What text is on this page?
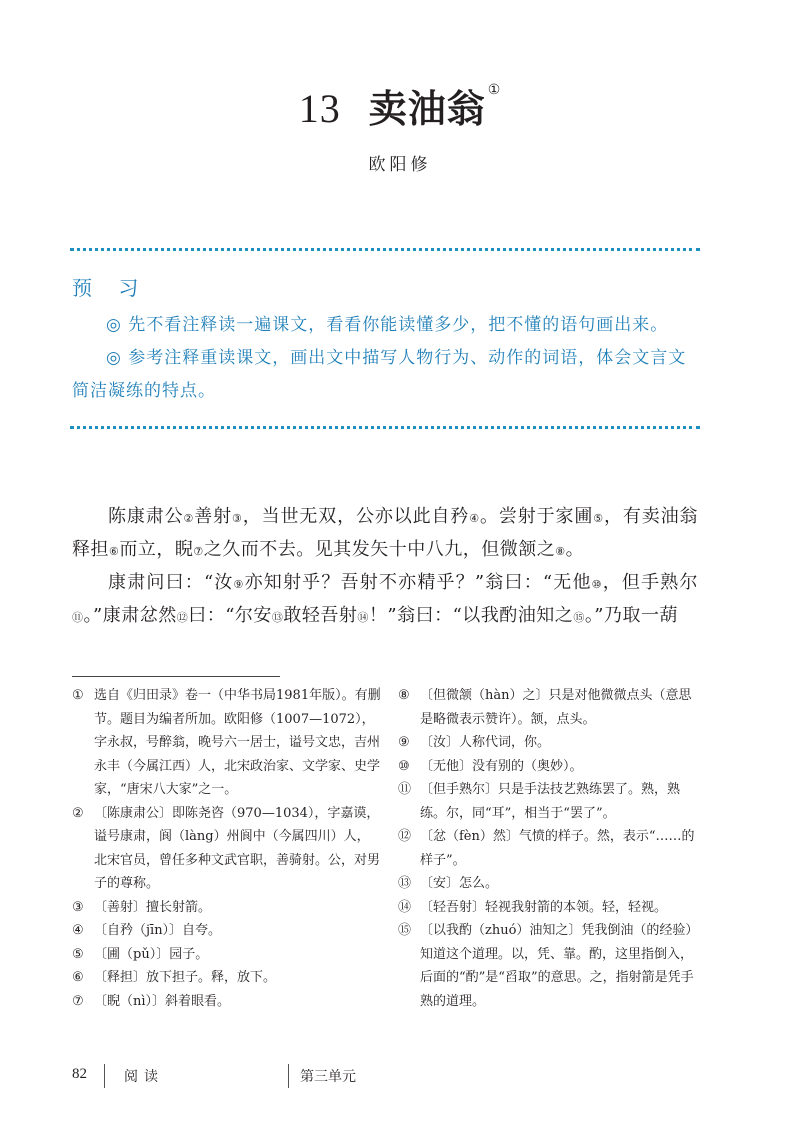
13 卖油翁 ①
欧阳修
预 习
◎ 先不看注释读一遍课文，看看你能读懂多少，把不懂的语句画出来。
◎ 参考注释重读课文，画出文中描写人物行为、动作的词语，体会文言文简洁凝练的特点。
陈康肃公②善射③，当世无双，公亦以此自矜④。尝射于家圃⑤，有卖油翁释担⑥而立，睨⑦之久而不去。见其发矢十中八九，但微颔之⑧。
康肃问曰：“汝⑨亦知射乎？吾射不亦精乎？”翁曰：“无他⑩，但手熟尔⑪。”康肃忿然⑫曰：“尔安⑬敢轻吾射⑭！”翁曰：“以我酌油知之⑮。”乃取一葫
① 选自《归田录》卷一（中华书局1981年版）。有删节。题目为编者所加。欧阳修（1007—1072），字永叔，号醉翁，晚号六一居士，谥号文忠，吉州永丰（今属江西）人，北宋政治家、文学家、史学家，“唐宋八大家”之一。
② 〔陈康肃公〕即陈尧咨（970—1034），字嘉谟，谥号康肃，阆（làng）州阆中（今属四川）人，北宋官员，曾任多种文武官职，善骑射。公，对男子的尊称。
③ 〔善射〕擅长射箭。
④ 〔自矜（jīn）〕自夸。
⑤ 〔圃（pǔ）〕园子。
⑥ 〔释担〕放下担子。释，放下。
⑦ 〔睨（nì）〕斜着眼看。
⑧ 〔但微颔（hàn）之〕只是对他微微点头（意思是略微表示赞许）。颔，点头。
⑨ 〔汝〕人称代词，你。
⑩ 〔无他〕没有别的（奥妙）。
⑪ 〔但手熟尔〕只是手法技艺熟练罢了。熟，熟练。尔，同“耳”，相当于“罢了”。
⑫ 〔忿（fèn）然〕气愤的样子。然，表示“……的样子”。
⑬ 〔安〕怎么。
⑭ 〔轻吾射〕轻视我射箭的本领。轻，轻视。
⑮ 〔以我酌（zhuó）油知之〕凭我倒油（的经验）知道这个道理。以，凭、靠。酌，这里指倒入，后面的“酌”是“舀取”的意思。之，指射箭是凭手熟的道理。
82	阅读	第三单元
